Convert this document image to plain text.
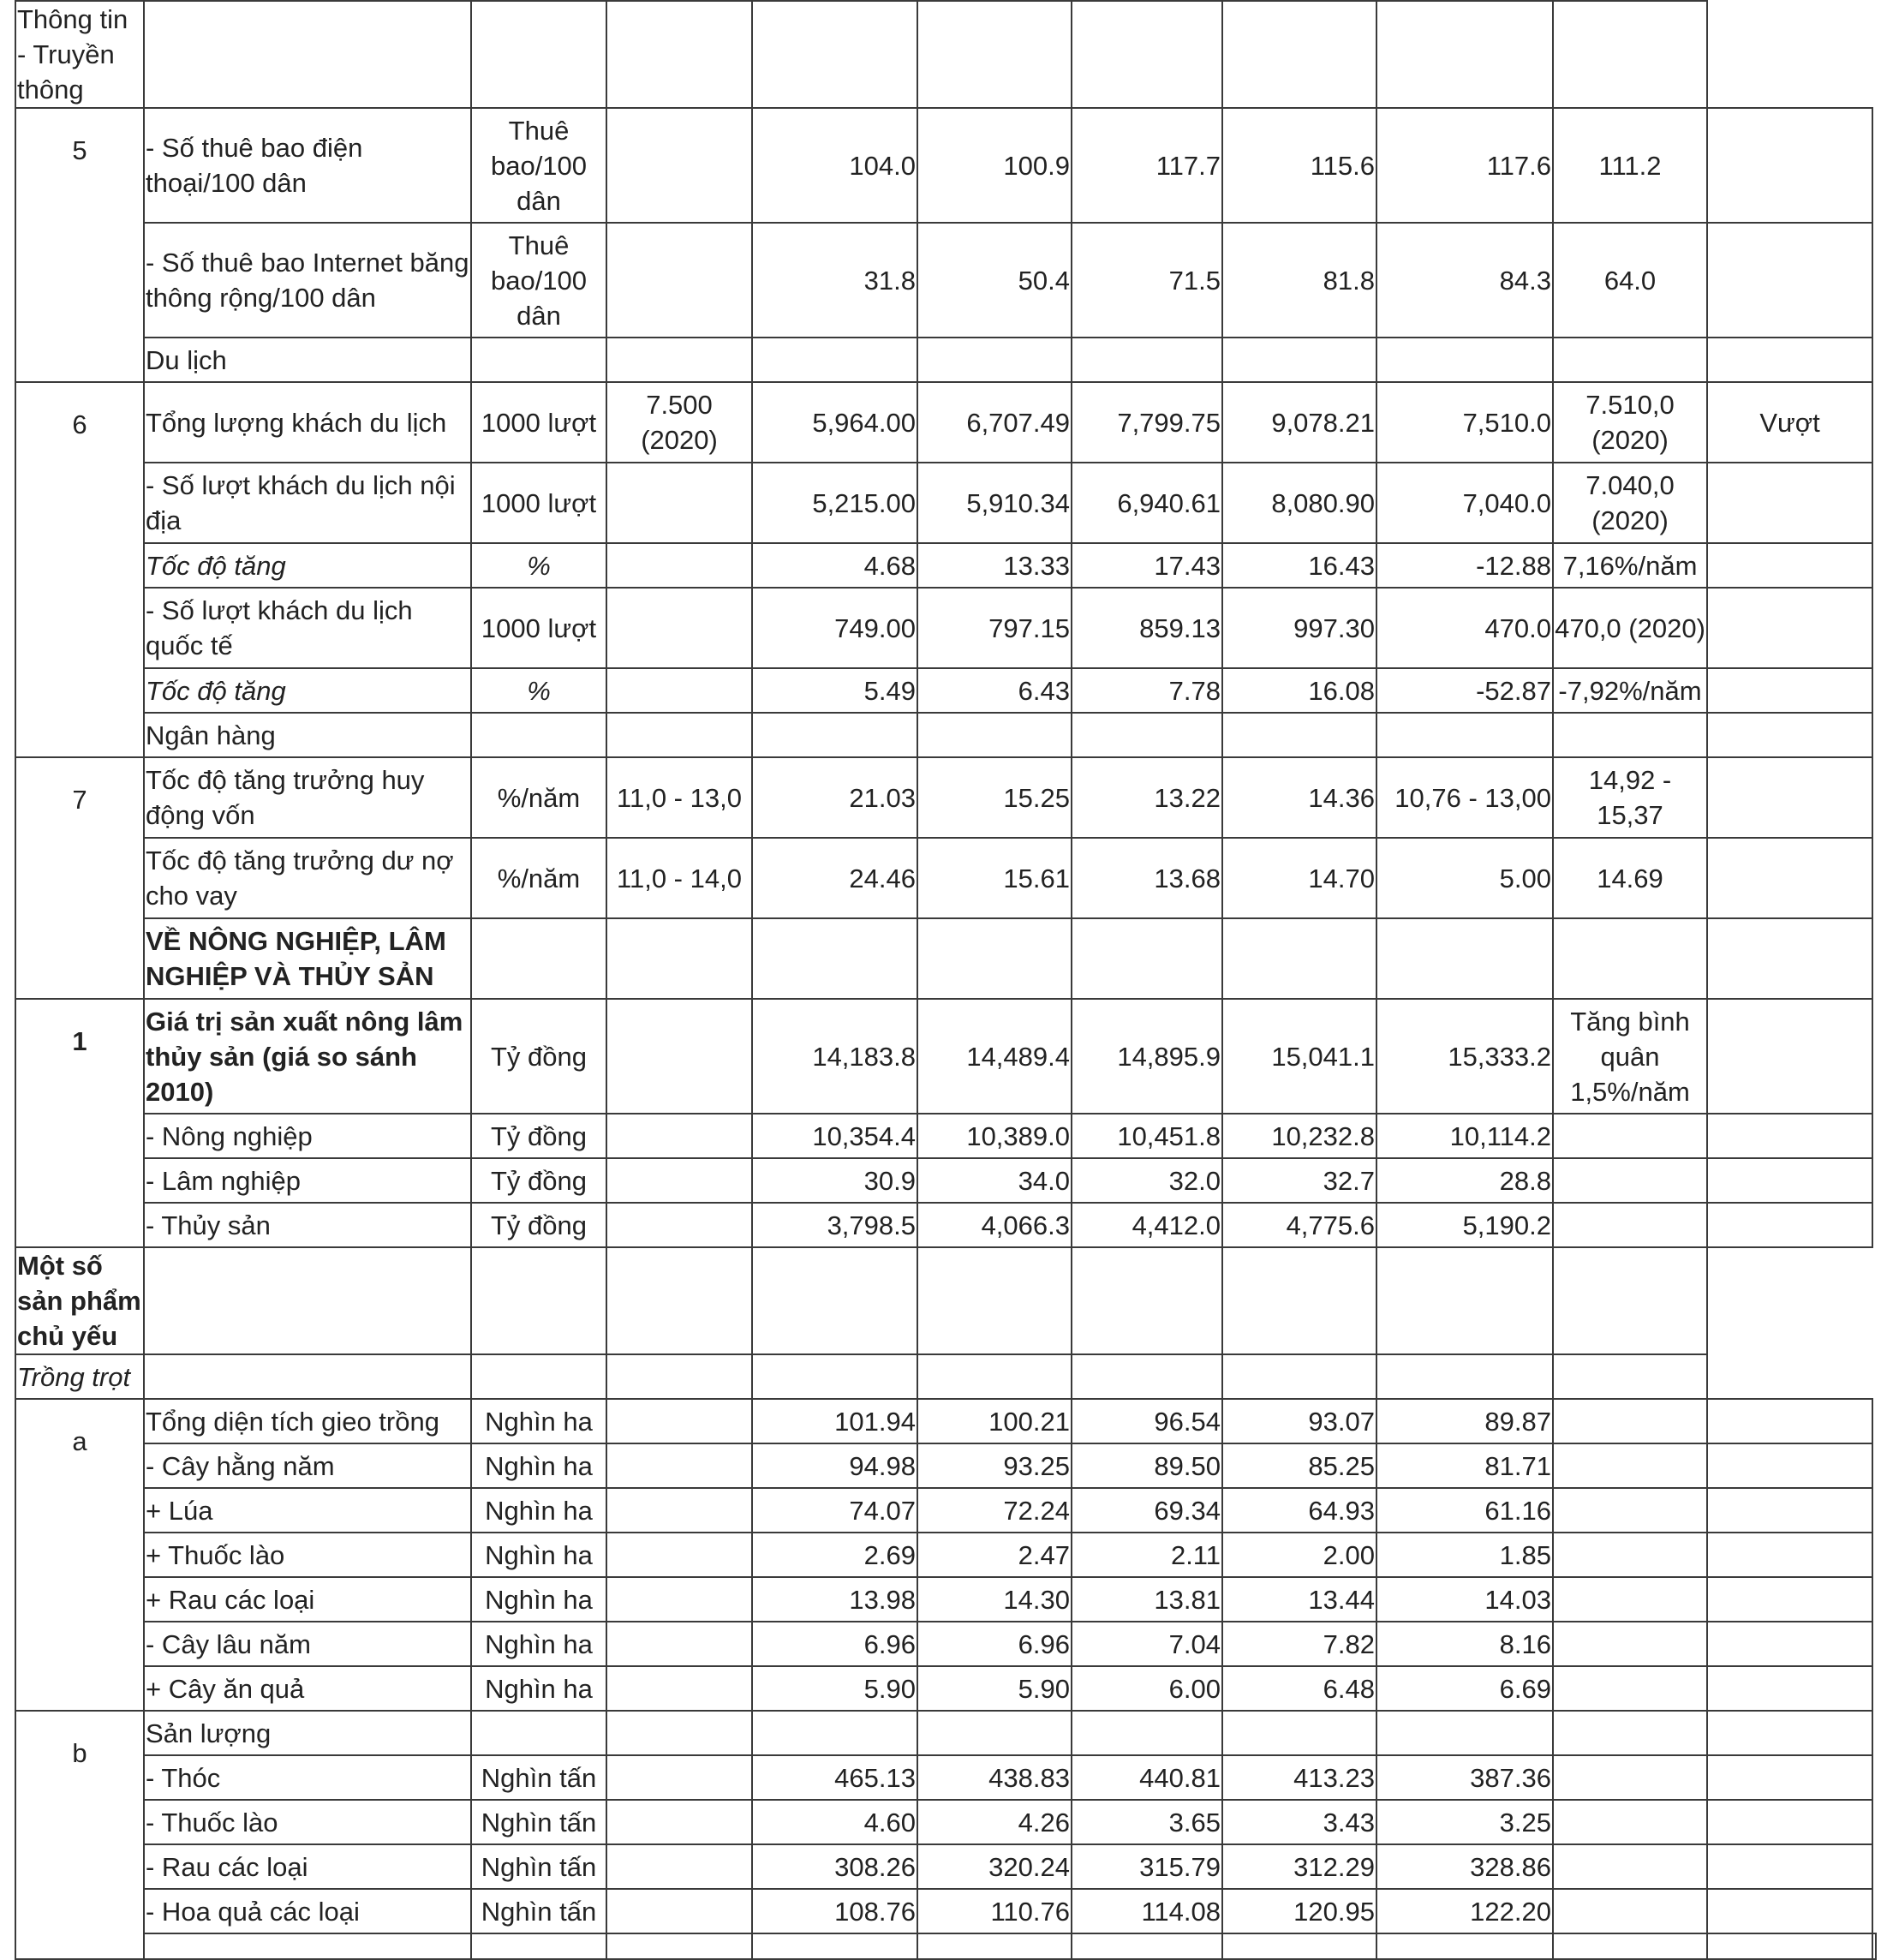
Thông tin - Truyền thông											
5	- Số thuê bao điện thoại/100 dân	Thuê bao/100 dân		104.0	100.9	117.7	115.6	117.6	111.2		
	- Số thuê bao Internet băng thông rộng/100 dân	Thuê bao/100 dân		31.8	50.4	71.5	81.8	84.3	64.0		
	Du lịch										
6	Tổng lượng khách du lịch	1000 lượt	7.500 (2020)	5,964.00	6,707.49	7,799.75	9,078.21	7,510.0	7.510,0 (2020)	Vượt	
	- Số lượt khách du lịch nội địa	1000 lượt		5,215.00	5,910.34	6,940.61	8,080.90	7,040.0	7.040,0 (2020)		
	Tốc độ tăng	%		4.68	13.33	17.43	16.43	-12.88	7,16%/năm		
	- Số lượt khách du lịch quốc tế	1000 lượt		749.00	797.15	859.13	997.30	470.0	470,0 (2020)		
	Tốc độ tăng	%		5.49	6.43	7.78	16.08	-52.87	-7,92%/năm		
	Ngân hàng										
7	Tốc độ tăng trưởng huy động vốn	%/năm	11,0 - 13,0	21.03	15.25	13.22	14.36	10,76 - 13,00	14,92 - 15,37		
	Tốc độ tăng trưởng dư nợ cho vay	%/năm	11,0 - 14,0	24.46	15.61	13.68	14.70	5.00	14.69		
	VỀ NÔNG NGHIỆP, LÂM NGHIỆP VÀ THỦY SẢN										
1	Giá trị sản xuất nông lâm thủy sản (giá so sánh 2010)	Tỷ đồng		14,183.8	14,489.4	14,895.9	15,041.1	15,333.2	Tăng bình quân 1,5%/năm		
	- Nông nghiệp	Tỷ đồng		10,354.4	10,389.0	10,451.8	10,232.8	10,114.2			
	- Lâm nghiệp	Tỷ đồng		30.9	34.0	32.0	32.7	28.8			
	- Thủy sản	Tỷ đồng		3,798.5	4,066.3	4,412.0	4,775.6	5,190.2			
Một số sản phẩm chủ yếu											
Trồng trọt											
a	Tổng diện tích gieo trồng	Nghìn ha		101.94	100.21	96.54	93.07	89.87			
	- Cây hằng năm	Nghìn ha		94.98	93.25	89.50	85.25	81.71			
	+ Lúa	Nghìn ha		74.07	72.24	69.34	64.93	61.16			
	+ Thuốc lào	Nghìn ha		2.69	2.47	2.11	2.00	1.85			
	+ Rau các loại	Nghìn ha		13.98	14.30	13.81	13.44	14.03			
	- Cây lâu năm	Nghìn ha		6.96	6.96	7.04	7.82	8.16			
	+ Cây ăn quả	Nghìn ha		5.90	5.90	6.00	6.48	6.69			
b	Sản lượng										
	- Thóc	Nghìn tấn		465.13	438.83	440.81	413.23	387.36			
	- Thuốc lào	Nghìn tấn		4.60	4.26	3.65	3.43	3.25			
	- Rau các loại	Nghìn tấn		308.26	320.24	315.79	312.29	328.86			
	- Hoa quả các loại	Nghìn tấn		108.76	110.76	114.08	120.95	122.20			
